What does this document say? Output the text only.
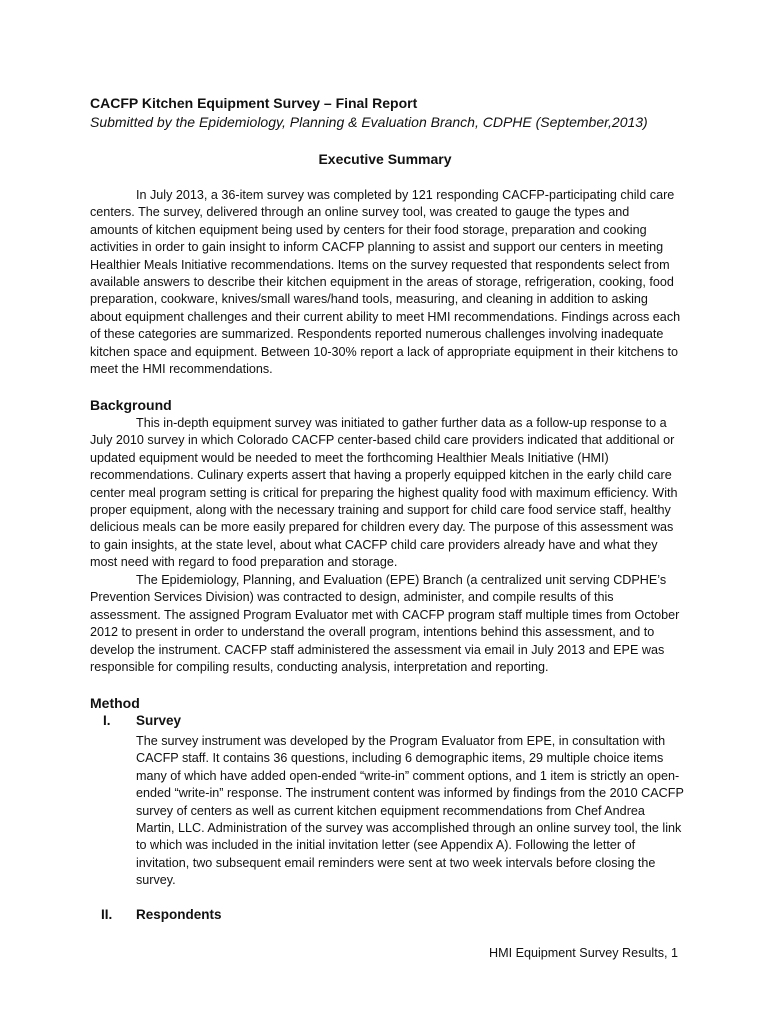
CACFP Kitchen Equipment Survey – Final Report
Submitted by the Epidemiology, Planning & Evaluation Branch, CDPHE (September,2013)
Executive Summary

In July 2013, a 36-item survey was completed by 121 responding CACFP-participating child care centers. The survey, delivered through an online survey tool, was created to gauge the types and amounts of kitchen equipment being used by centers for their food storage, preparation and cooking activities in order to gain insight to inform CACFP planning to assist and support our centers in meeting Healthier Meals Initiative recommendations. Items on the survey requested that respondents select from available answers to describe their kitchen equipment in the areas of storage, refrigeration, cooking, food preparation, cookware, knives/small wares/hand tools, measuring, and cleaning in addition to asking about equipment challenges and their current ability to meet HMI recommendations. Findings across each of these categories are summarized. Respondents reported numerous challenges involving inadequate kitchen space and equipment. Between 10-30% report a lack of appropriate equipment in their kitchens to meet the HMI recommendations.

Background

This in-depth equipment survey was initiated to gather further data as a follow-up response to a July 2010 survey in which Colorado CACFP center-based child care providers indicated that additional or updated equipment would be needed to meet the forthcoming Healthier Meals Initiative (HMI) recommendations. Culinary experts assert that having a properly equipped kitchen in the early child care center meal program setting is critical for preparing the highest quality food with maximum efficiency. With proper equipment, along with the necessary training and support for child care food service staff, healthy delicious meals can be more easily prepared for children every day. The purpose of this assessment was to gain insights, at the state level, about what CACFP child care providers already have and what they most need with regard to food preparation and storage.

The Epidemiology, Planning, and Evaluation (EPE) Branch (a centralized unit serving CDPHE’s Prevention Services Division) was contracted to design, administer, and compile results of this assessment. The assigned Program Evaluator met with CACFP program staff multiple times from October 2012 to present in order to understand the overall program, intentions behind this assessment, and to develop the instrument. CACFP staff administered the assessment via email in July 2013 and EPE was responsible for compiling results, conducting analysis, interpretation and reporting.

Method
I. Survey

The survey instrument was developed by the Program Evaluator from EPE, in consultation with CACFP staff. It contains 36 questions, including 6 demographic items, 29 multiple choice items many of which have added open-ended “write-in” comment options, and 1 item is strictly an open-ended “write-in” response. The instrument content was informed by findings from the 2010 CACFP survey of centers as well as current kitchen equipment recommendations from Chef Andrea Martin, LLC. Administration of the survey was accomplished through an online survey tool, the link to which was included in the initial invitation letter (see Appendix A). Following the letter of invitation, two subsequent email reminders were sent at two week intervals before closing the survey.

II. Respondents
HMI Equipment Survey Results, 1
